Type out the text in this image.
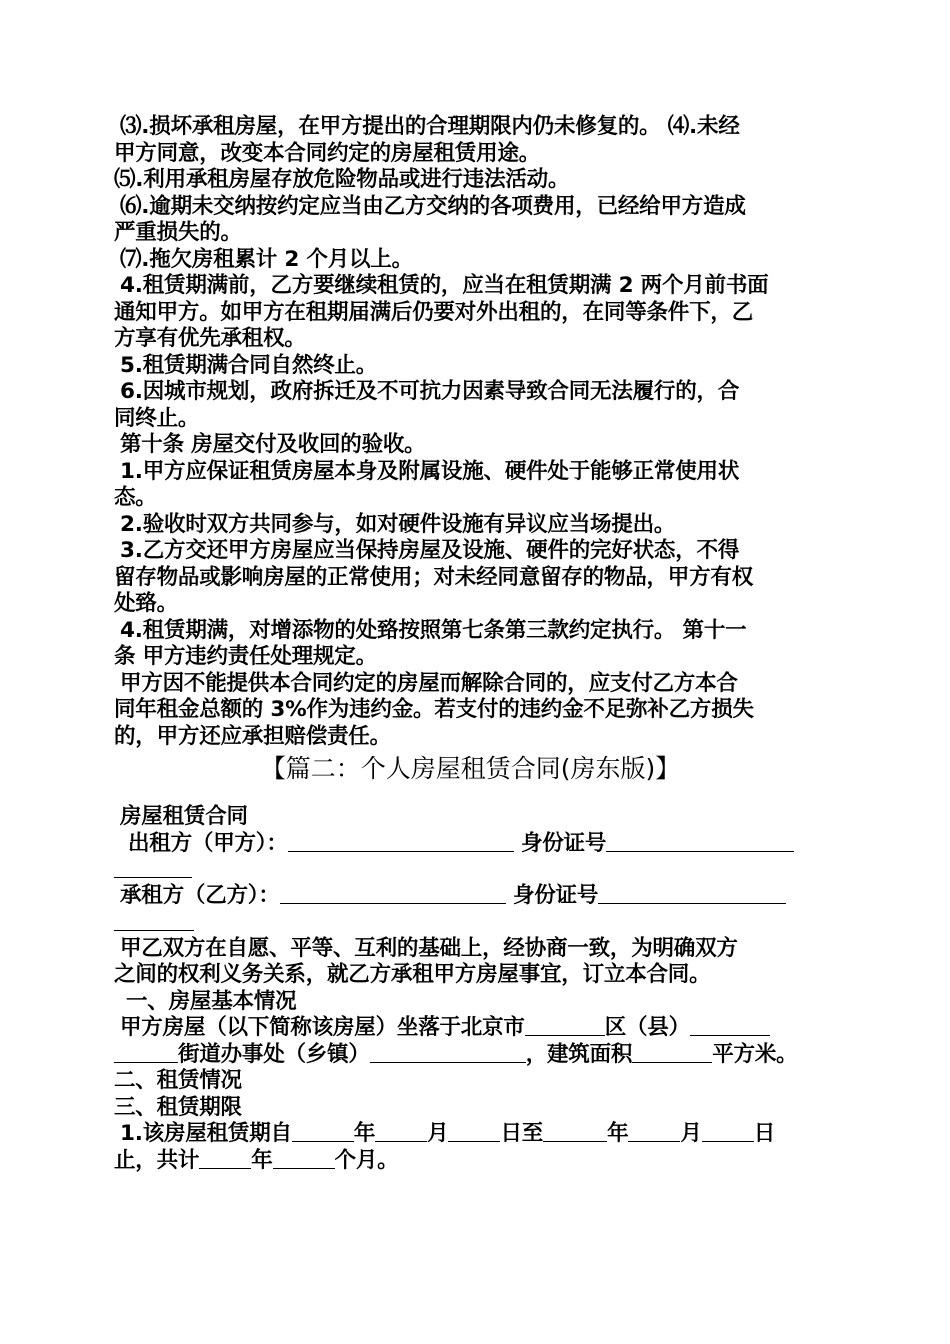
⑶.损坏承租房屋，在甲方提出的合理期限内仍未修复的。 ⑷.未经

甲方同意，改变本合同约定的房屋租赁用途。

⑸.利用承租房屋存放危险物品或进行违法活动。

⑹.逾期未交纳按约定应当由乙方交纳的各项费用，已经给甲方造成

严重损失的。

⑺.拖欠房租累计 2 个月以上。

4.租赁期满前，乙方要继续租赁的，应当在租赁期满 2 两个月前书面

通知甲方。如甲方在租期届满后仍要对外出租的，在同等条件下，乙

方享有优先承租权。

5.租赁期满合同自然终止。

6.因城市规划，政府拆迁及不可抗力因素导致合同无法履行的，合

同终止。

第十条 房屋交付及收回的验收。

1.甲方应保证租赁房屋本身及附属设施、硬件处于能够正常使用状

态。

2.验收时双方共同参与，如对硬件设施有异议应当场提出。

3.乙方交还甲方房屋应当保持房屋及设施、硬件的完好状态，不得

留存物品或影响房屋的正常使用；对未经同意留存的物品，甲方有权

处臵。

4.租赁期满，对增添物的处臵按照第七条第三款约定执行。 第十一

条 甲方违约责任处理规定。

甲方因不能提供本合同约定的房屋而解除合同的，应支付乙方本合

同年租金总额的 3%作为违约金。若支付的违约金不足弥补乙方损失

的，甲方还应承担赔偿责任。

【篇二：个人房屋租赁合同(房东版)】

房屋租赁合同

出租方（甲方）：	身份证号

承租方（乙方）：	身份证号

甲乙双方在自愿、平等、互利的基础上，经协商一致，为明确双方

之间的权利义务关系，就乙方承租甲方房屋事宜，订立本合同。

一、房屋基本情况

甲方房屋（以下简称该房屋）坐落于北京市	区（县）

街道办事处（乡镇）	，建筑面积	平方米。

二、租赁情况

三、租赁期限

1.该房屋租赁期自	年 月 日至	年 月 日

止，共计 年	个月。
